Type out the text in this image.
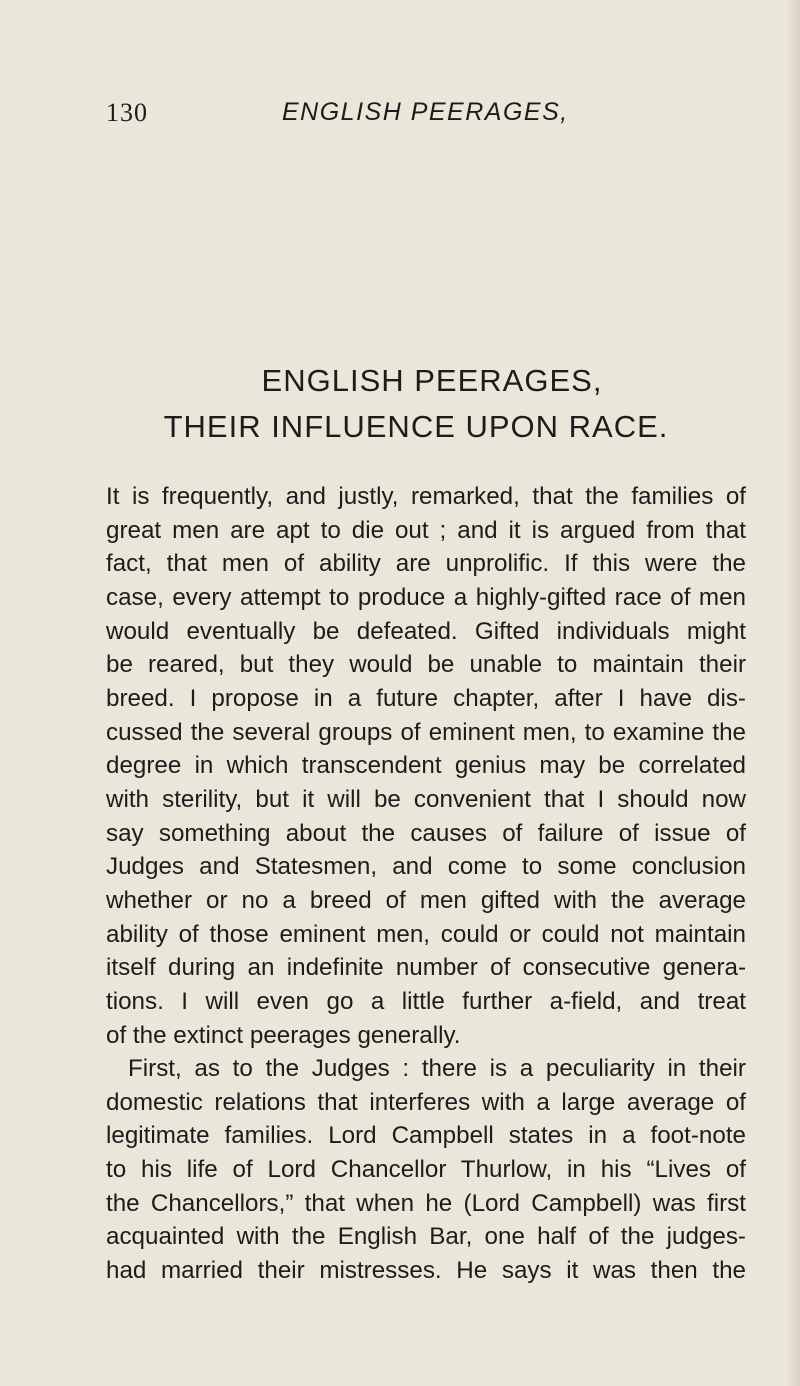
130	ENGLISH PEERAGES,
ENGLISH PEERAGES,
THEIR INFLUENCE UPON RACE.
It is frequently, and justly, remarked, that the families of
great men are apt to die out ; and it is argued from that
fact, that men of ability are unprolific. If this were the
case, every attempt to produce a highly-gifted race of men
would eventually be defeated. Gifted individuals might
be reared, but they would be unable to maintain their
breed. I propose in a future chapter, after I have dis-
cussed the several groups of eminent men, to examine the
degree in which transcendent genius may be correlated
with sterility, but it will be convenient that I should now
say something about the causes of failure of issue of
Judges and Statesmen, and come to some conclusion
whether or no a breed of men gifted with the average
ability of those eminent men, could or could not maintain
itself during an indefinite number of consecutive genera-
tions. I will even go a little further a-field, and treat
of the extinct peerages generally.
First, as to the Judges : there is a peculiarity in their
domestic relations that interferes with a large average of
legitimate families. Lord Campbell states in a foot-note
to his life of Lord Chancellor Thurlow, in his “Lives of
the Chancellors,” that when he (Lord Campbell) was first
acquainted with the English Bar, one half of the judges-
had married their mistresses. He says it was then the
